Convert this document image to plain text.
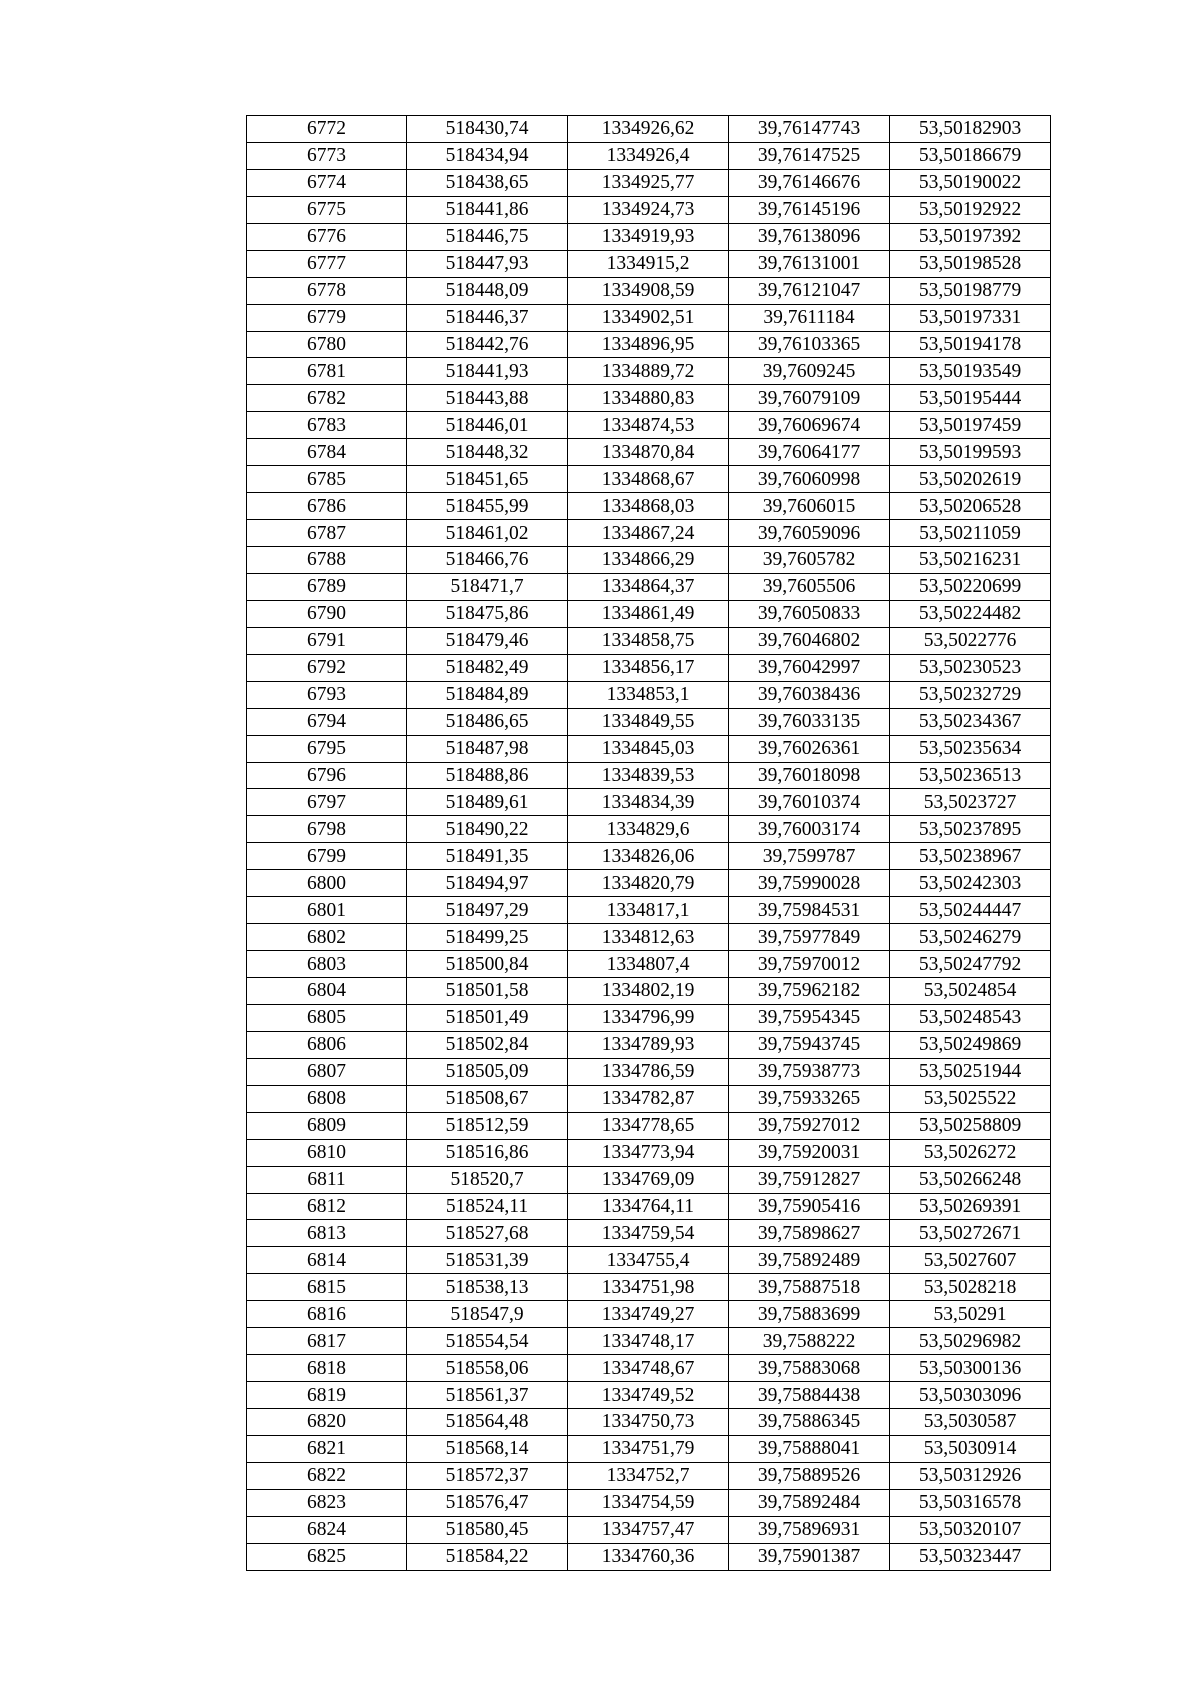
6772	518430,74	1334926,62	39,76147743	53,50182903
6773	518434,94	1334926,4	39,76147525	53,50186679
6774	518438,65	1334925,77	39,76146676	53,50190022
6775	518441,86	1334924,73	39,76145196	53,50192922
6776	518446,75	1334919,93	39,76138096	53,50197392
6777	518447,93	1334915,2	39,76131001	53,50198528
6778	518448,09	1334908,59	39,76121047	53,50198779
6779	518446,37	1334902,51	39,7611184	53,50197331
6780	518442,76	1334896,95	39,76103365	53,50194178
6781	518441,93	1334889,72	39,7609245	53,50193549
6782	518443,88	1334880,83	39,76079109	53,50195444
6783	518446,01	1334874,53	39,76069674	53,50197459
6784	518448,32	1334870,84	39,76064177	53,50199593
6785	518451,65	1334868,67	39,76060998	53,50202619
6786	518455,99	1334868,03	39,7606015	53,50206528
6787	518461,02	1334867,24	39,76059096	53,50211059
6788	518466,76	1334866,29	39,7605782	53,50216231
6789	518471,7	1334864,37	39,7605506	53,50220699
6790	518475,86	1334861,49	39,76050833	53,50224482
6791	518479,46	1334858,75	39,76046802	53,5022776
6792	518482,49	1334856,17	39,76042997	53,50230523
6793	518484,89	1334853,1	39,76038436	53,50232729
6794	518486,65	1334849,55	39,76033135	53,50234367
6795	518487,98	1334845,03	39,76026361	53,50235634
6796	518488,86	1334839,53	39,76018098	53,50236513
6797	518489,61	1334834,39	39,76010374	53,5023727
6798	518490,22	1334829,6	39,76003174	53,50237895
6799	518491,35	1334826,06	39,7599787	53,50238967
6800	518494,97	1334820,79	39,75990028	53,50242303
6801	518497,29	1334817,1	39,75984531	53,50244447
6802	518499,25	1334812,63	39,75977849	53,50246279
6803	518500,84	1334807,4	39,75970012	53,50247792
6804	518501,58	1334802,19	39,75962182	53,5024854
6805	518501,49	1334796,99	39,75954345	53,50248543
6806	518502,84	1334789,93	39,75943745	53,50249869
6807	518505,09	1334786,59	39,75938773	53,50251944
6808	518508,67	1334782,87	39,75933265	53,5025522
6809	518512,59	1334778,65	39,75927012	53,50258809
6810	518516,86	1334773,94	39,75920031	53,5026272
6811	518520,7	1334769,09	39,75912827	53,50266248
6812	518524,11	1334764,11	39,75905416	53,50269391
6813	518527,68	1334759,54	39,75898627	53,50272671
6814	518531,39	1334755,4	39,75892489	53,5027607
6815	518538,13	1334751,98	39,75887518	53,5028218
6816	518547,9	1334749,27	39,75883699	53,50291
6817	518554,54	1334748,17	39,7588222	53,50296982
6818	518558,06	1334748,67	39,75883068	53,50300136
6819	518561,37	1334749,52	39,75884438	53,50303096
6820	518564,48	1334750,73	39,75886345	53,5030587
6821	518568,14	1334751,79	39,75888041	53,5030914
6822	518572,37	1334752,7	39,75889526	53,50312926
6823	518576,47	1334754,59	39,75892484	53,50316578
6824	518580,45	1334757,47	39,75896931	53,50320107
6825	518584,22	1334760,36	39,75901387	53,50323447
